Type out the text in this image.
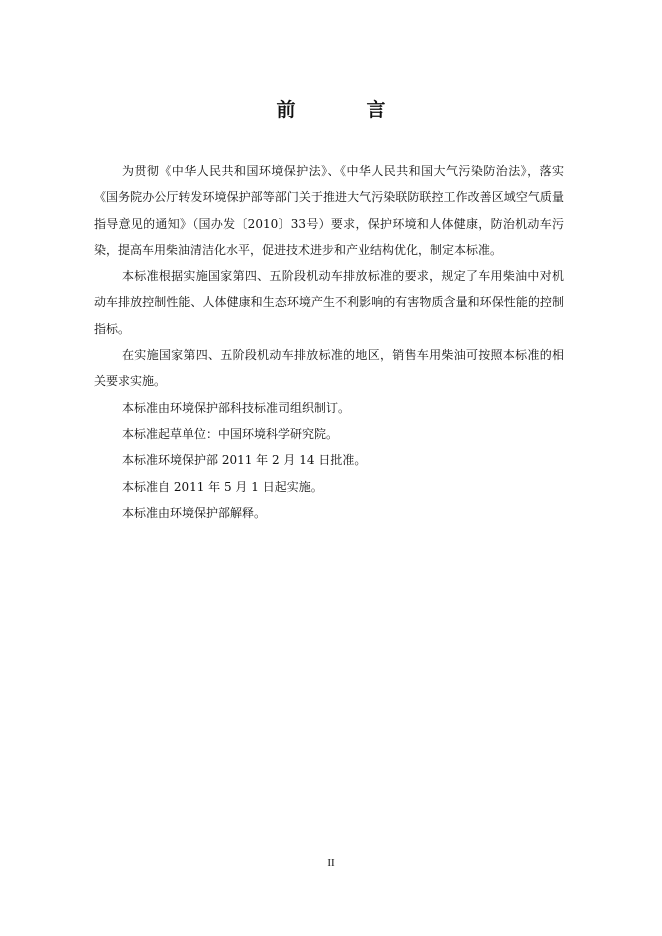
前　言

为贯彻《中华人民共和国环境保护法》、《中华人民共和国大气污染防治法》，落实《国务院办公厅转发环境保护部等部门关于推进大气污染联防联控工作改善区域空气质量指导意见的通知》（国办发〔2010〕33号）要求，保护环境和人体健康，防治机动车污染，提高车用柴油清洁化水平，促进技术进步和产业结构优化，制定本标准。

本标准根据实施国家第四、五阶段机动车排放标准的要求，规定了车用柴油中对机动车排放控制性能、人体健康和生态环境产生不利影响的有害物质含量和环保性能的控制指标。

在实施国家第四、五阶段机动车排放标准的地区，销售车用柴油可按照本标准的相关要求实施。

本标准由环境保护部科技标准司组织制订。

本标准起草单位：中国环境科学研究院。

本标准环境保护部 2011 年 2 月 14 日批准。

本标准自 2011 年 5 月 1 日起实施。

本标准由环境保护部解释。

II
